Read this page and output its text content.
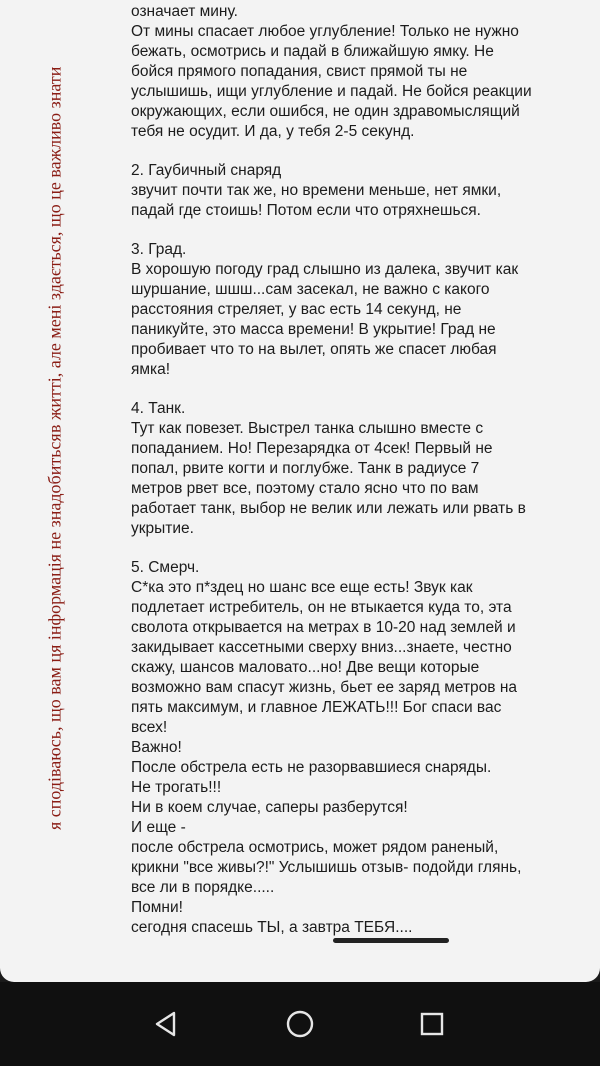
я сподіваюсь, що вам ця інформація не знадобиться
в житті, але мені здається, що це важливо знати
означает мину.
От мины спасает любое углубление! Только не нужно
бежать, осмотрись и падай в ближайшую ямку. Не
бойся прямого попадания, свист прямой ты не
услышишь, ищи углубление и падай. Не бойся реакции
окружающих, если ошибся, не один здравомыслящий
тебя не осудит. И да, у тебя 2-5 секунд.
2. Гаубичный снаряд
звучит почти так же, но времени меньше, нет ямки,
падай где стоишь! Потом если что отряхнешься.
3. Град.
В хорошую погоду град слышно из далека, звучит как
шуршание, шшш...сам засекал, не важно с какого
расстояния стреляет, у вас есть 14 секунд, не
паникуйте, это масса времени! В укрытие! Град не
пробивает что то на вылет, опять же спасет любая
ямка!
4. Танк.
Тут как повезет. Выстрел танка слышно вместе с
попаданием. Но! Перезарядка от 4сек! Первый не
попал, рвите когти и поглубже. Танк в радиусе 7
метров рвет все, поэтому стало ясно что по вам
работает танк, выбор не велик или лежать или рвать в
укрытие.
5. Смерч.
С*ка это п*здец но шанс все еще есть! Звук как
подлетает истребитель, он не втыкается куда то, эта
сволота открывается на метрах в 10-20 над землей и
закидывает кассетными сверху вниз...знаете, честно
скажу, шансов маловато...но! Две вещи которые
возможно вам спасут жизнь, бьет ее заряд метров на
пять максимум, и главное ЛЕЖАТЬ!!! Бог спаси вас
всех!
Важно!
После обстрела есть не разорвавшиеся снаряды.
Не трогать!!!
Ни в коем случае, саперы разберутся!
И еще -
после обстрела осмотрись, может рядом раненый,
крикни "все живы?!" Услышишь отзыв- подойди глянь,
все ли в порядке.....
Помни!
сегодня спасешь ТЫ, а завтра ТЕБЯ....
